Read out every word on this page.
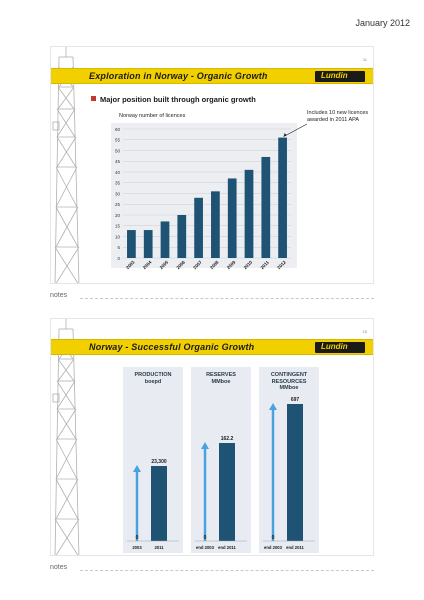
January 2012
11
Exploration in Norway - Organic Growth	Lundin
Major position built through organic growth
Norway number of licences	Includes 10 new licences
awarded in 2011 APA
0
5
10
15
20
25
30
35
40
45
50
55
60
2003 2004 2005 2006 2007 2008 2009 2010 2011 2012
notes
15
Norway - Successful Organic Growth	Lundin
PRODUCTION
boepd
RESERVES
MMboe
CONTINGENT
RESOURCES
MMboe
0
23,300
2003	2011
0
162.2
end 2003 end 2011
0
697
end 2003 end 2011
notes
